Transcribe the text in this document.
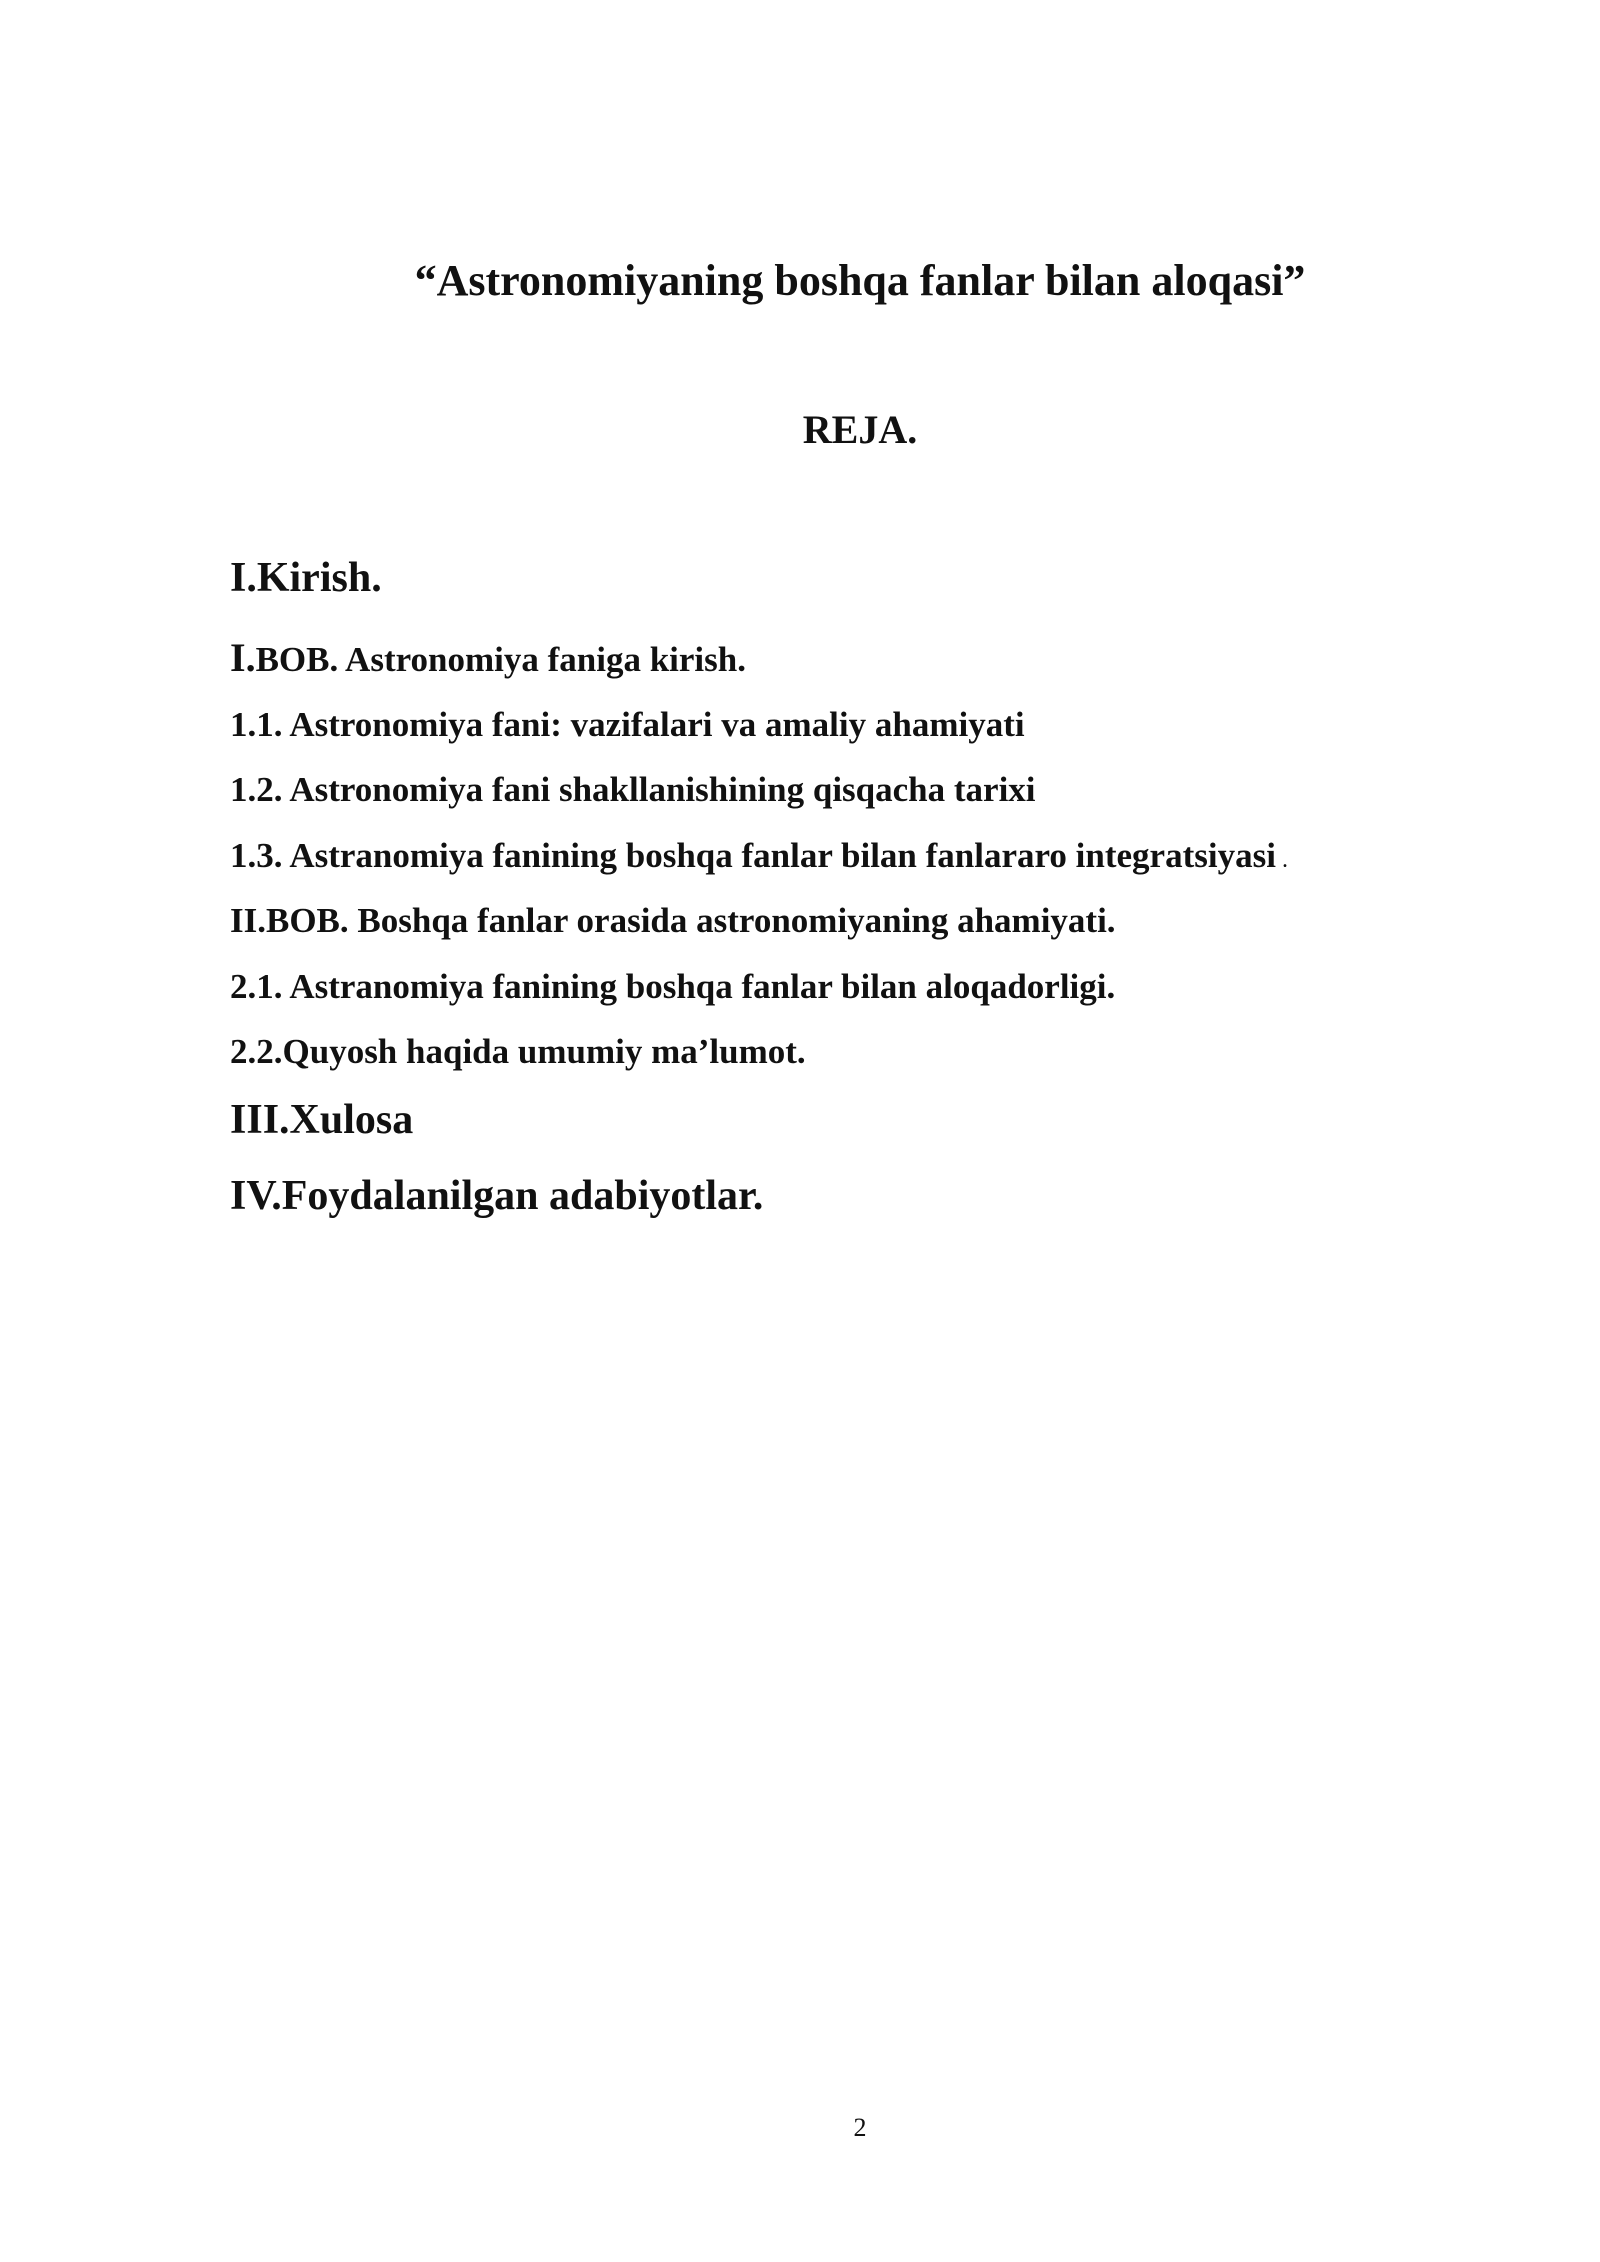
“Astronomiyaning boshqa fanlar bilan aloqasi”
REJA.
I.Kirish.
I.BOB. Astronomiya faniga kirish.
1.1. Astronomiya fani: vazifalari va amaliy ahamiyati
1.2. Astronomiya fani shakllanishining qisqacha tarixi
1.3. Astranomiya fanining boshqa fanlar bilan fanlararo integratsiyasi .
II.BOB. Boshqa fanlar orasida astronomiyaning ahamiyati.
2.1. Astranomiya fanining boshqa fanlar bilan aloqadorligi.
2.2.Quyosh haqida umumiy ma’lumot.
III.Xulosa
IV.Foydalanilgan adabiyotlar.
2
